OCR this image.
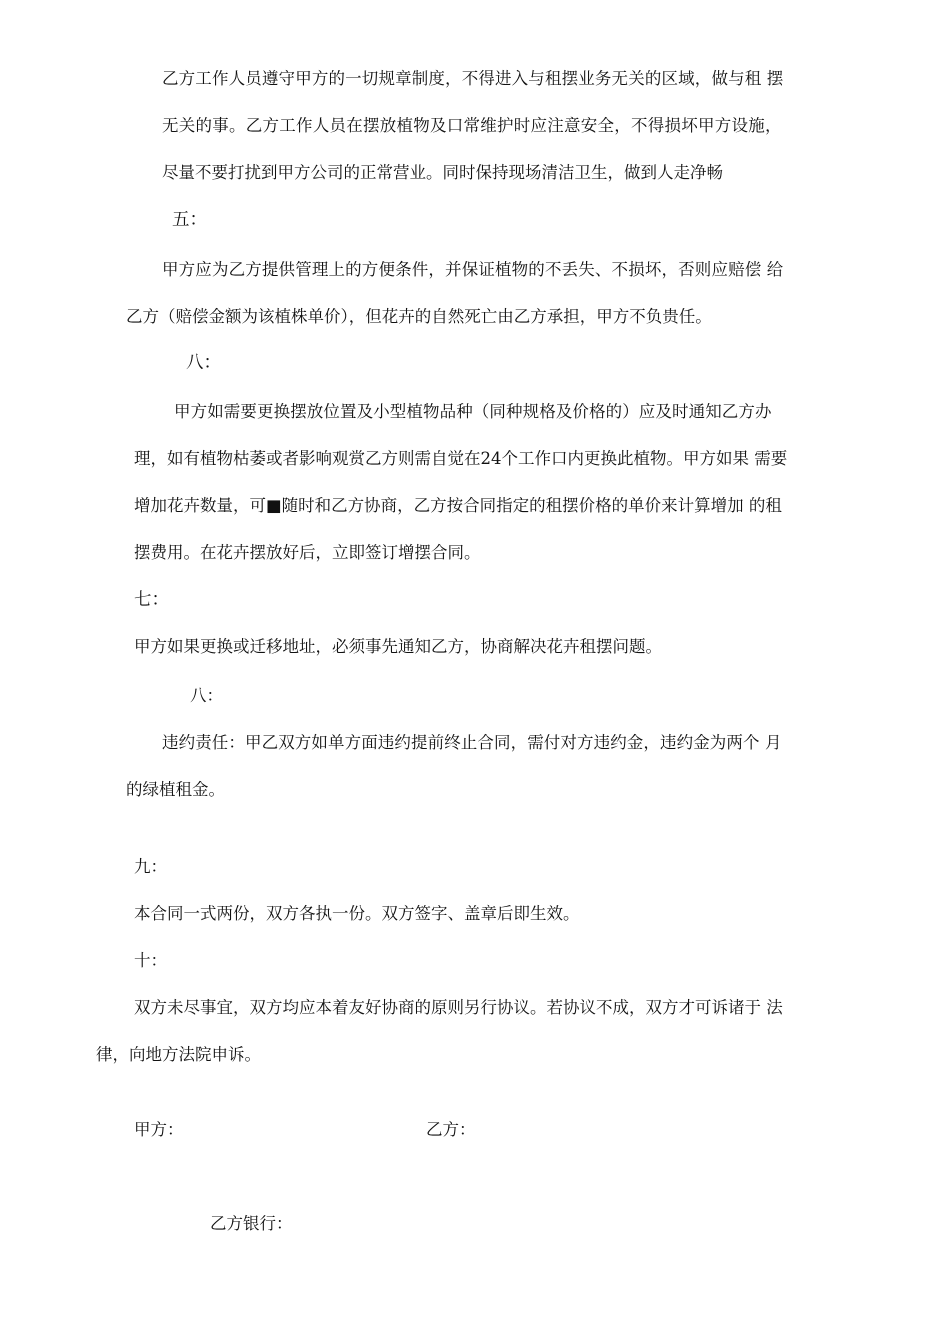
乙方工作人员遵守甲方的一切规章制度，不得进入与租摆业务无关的区域，做与租 摆
无关的事。乙方工作人员在摆放植物及口常维护时应注意安全，不得损坏甲方设施，
尽量不要打扰到甲方公司的正常营业。同时保持现场清洁卫生，做到人走净畅
五：
甲方应为乙方提供管理上的方便条件，并保证植物的不丢失、不损坏，否则应赔偿 给
乙方（赔偿金额为该植株单价），但花卉的自然死亡由乙方承担，甲方不负贵任。
八：
甲方如需要更换摆放位置及小型植物品种（同种规格及价格的）应及时通知乙方办
理，如有植物枯萎或者影响观赏乙方则需自觉在24个工作口内更换此植物。甲方如果 需要
增加花卉数量，可■随时和乙方协商，乙方按合同指定的租摆价格的单价来计算增加 的租
摆费用。在花卉摆放好后，立即签订增摆合同。
七：
甲方如果更换或迁移地址，必须事先通知乙方，协商解决花卉租摆问题。
八：
违约责任：甲乙双方如单方面违约提前终止合同，需付对方违约金，违约金为两个 月
的绿植租金。
九：
本合同一式两份，双方各执一份。双方签字、盖章后即生效。
十：
双方未尽事宜，双方均应本着友好协商的原则另行协议。若协议不成，双方才可诉诸于 法
律，向地方法院申诉。
甲方：	乙方：
乙方银行：
